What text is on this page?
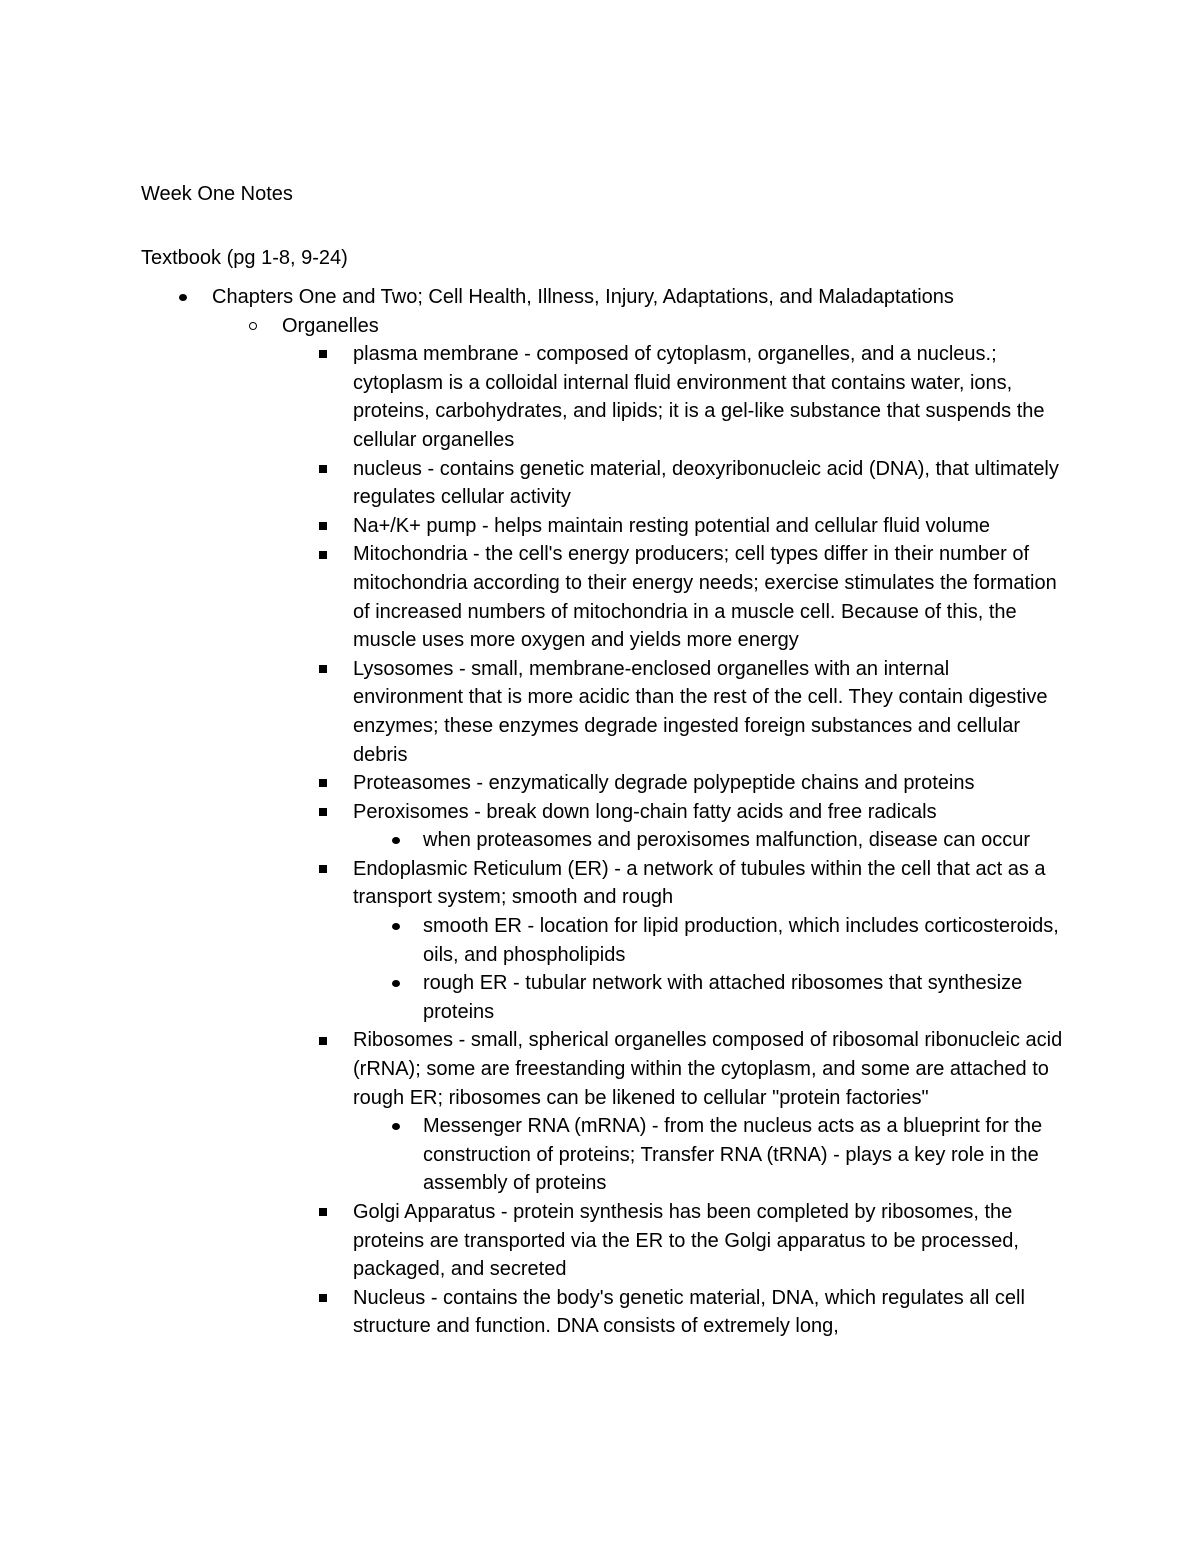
Week One Notes
Textbook (pg 1-8, 9-24)
Chapters One and Two; Cell Health, Illness, Injury, Adaptations, and Maladaptations
Organelles
plasma membrane - composed of cytoplasm, organelles, and a nucleus.; cytoplasm is a colloidal internal fluid environment that contains water, ions, proteins, carbohydrates, and lipids; it is a gel-like substance that suspends the cellular organelles
nucleus - contains genetic material, deoxyribonucleic acid (DNA), that ultimately regulates cellular activity
Na+/K+ pump - helps maintain resting potential and cellular fluid volume
Mitochondria - the cell's energy producers; cell types differ in their number of mitochondria according to their energy needs; exercise stimulates the formation of increased numbers of mitochondria in a muscle cell. Because of this, the muscle uses more oxygen and yields more energy
Lysosomes - small, membrane-enclosed organelles with an internal environment that is more acidic than the rest of the cell. They contain digestive enzymes; these enzymes degrade ingested foreign substances and cellular debris
Proteasomes - enzymatically degrade polypeptide chains and proteins
Peroxisomes - break down long-chain fatty acids and free radicals
when proteasomes and peroxisomes malfunction, disease can occur
Endoplasmic Reticulum (ER) - a network of tubules within the cell that act as a transport system; smooth and rough
smooth ER - location for lipid production, which includes corticosteroids, oils, and phospholipids
rough ER - tubular network with attached ribosomes that synthesize proteins
Ribosomes - small, spherical organelles composed of ribosomal ribonucleic acid (rRNA); some are freestanding within the cytoplasm, and some are attached to rough ER; ribosomes can be likened to cellular "protein factories"
Messenger RNA (mRNA) - from the nucleus acts as a blueprint for the construction of proteins; Transfer RNA (tRNA) - plays a key role in the assembly of proteins
Golgi Apparatus - protein synthesis has been completed by ribosomes, the proteins are transported via the ER to the Golgi apparatus to be processed, packaged, and secreted
Nucleus - contains the body's genetic material, DNA, which regulates all cell structure and function. DNA consists of extremely long,
